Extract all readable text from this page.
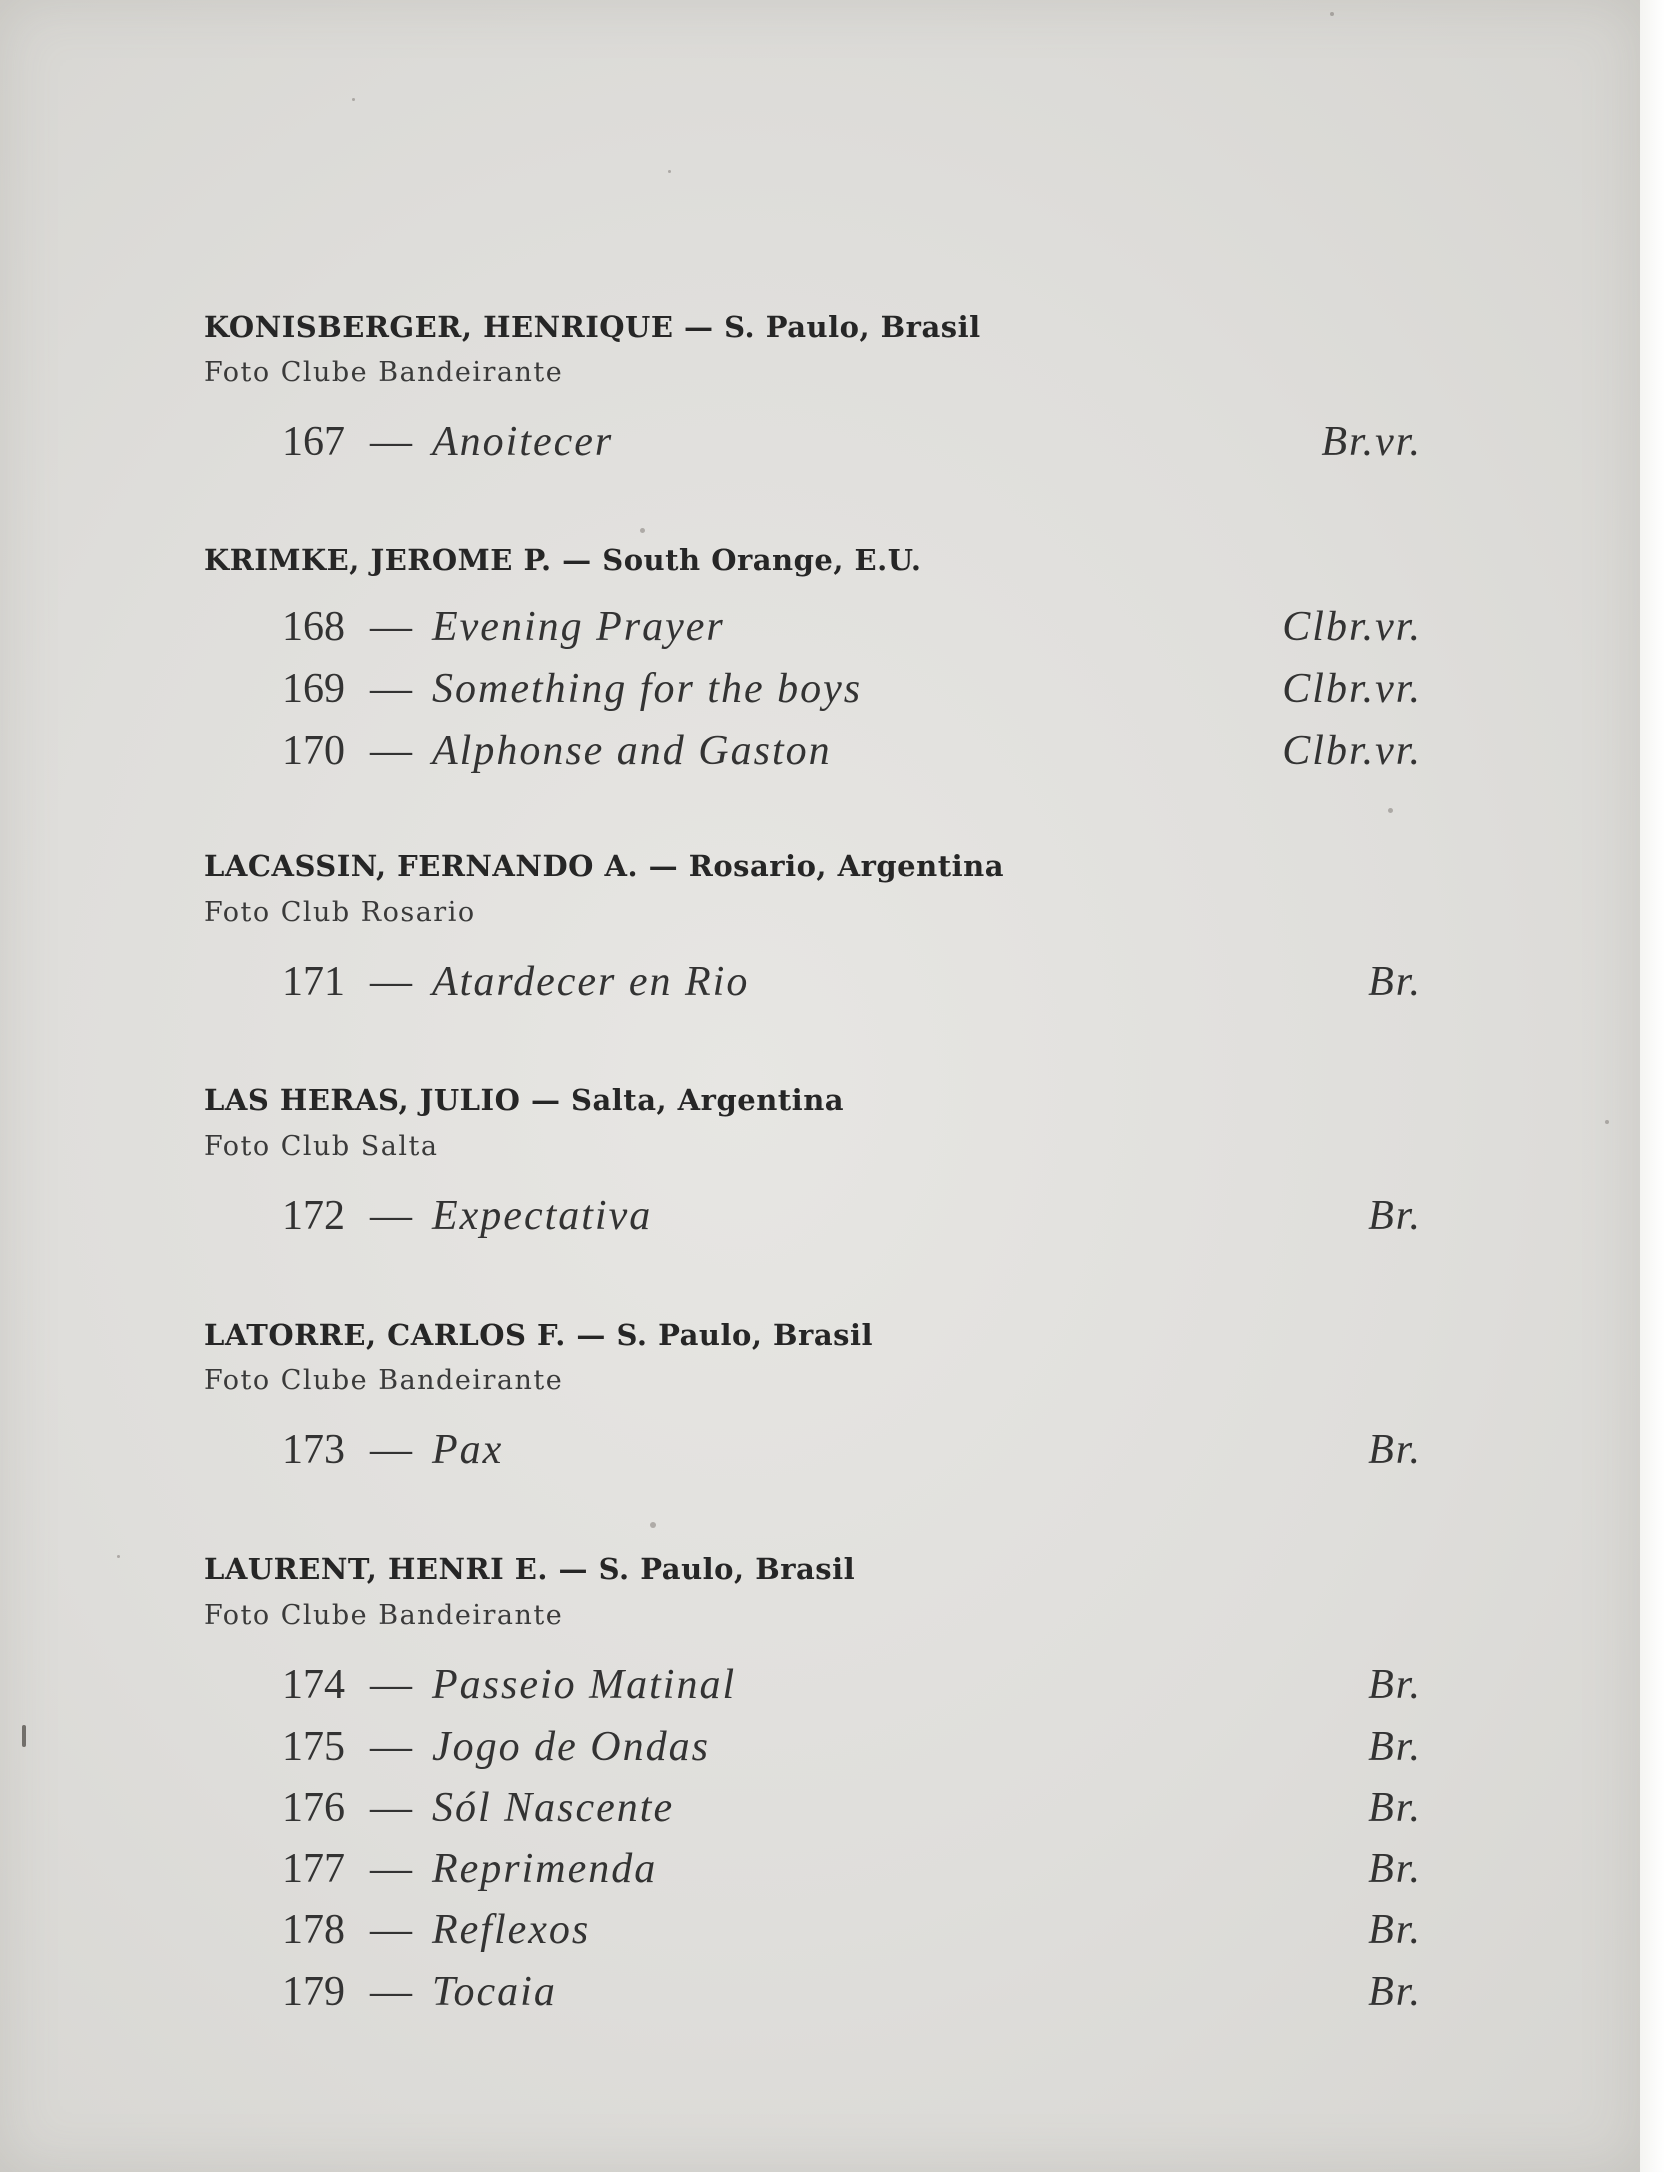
KONISBERGER, HENRIQUE — S. Paulo, Brasil
Foto Clube Bandeirante
167 — Anoitecer	Br.vr.
KRIMKE, JEROME P. — South Orange, E.U.
168 — Evening Prayer	Clbr.vr.
169 — Something for the boys	Clbr.vr.
170 — Alphonse and Gaston	Clbr.vr.
LACASSIN, FERNANDO A. — Rosario, Argentina
Foto Club Rosario
171 — Atardecer en Rio	Br.
LAS HERAS, JULIO — Salta, Argentina
Foto Club Salta
172 — Expectativa	Br.
LATORRE, CARLOS F. — S. Paulo, Brasil
Foto Clube Bandeirante
173 — Pax	Br.
LAURENT, HENRI E. — S. Paulo, Brasil
Foto Clube Bandeirante
174 — Passeio Matinal	Br.
175 — Jogo de Ondas	Br.
176 — Sól Nascente	Br.
177 — Reprimenda	Br.
178 — Reflexos	Br.
179 — Tocaia	Br.
